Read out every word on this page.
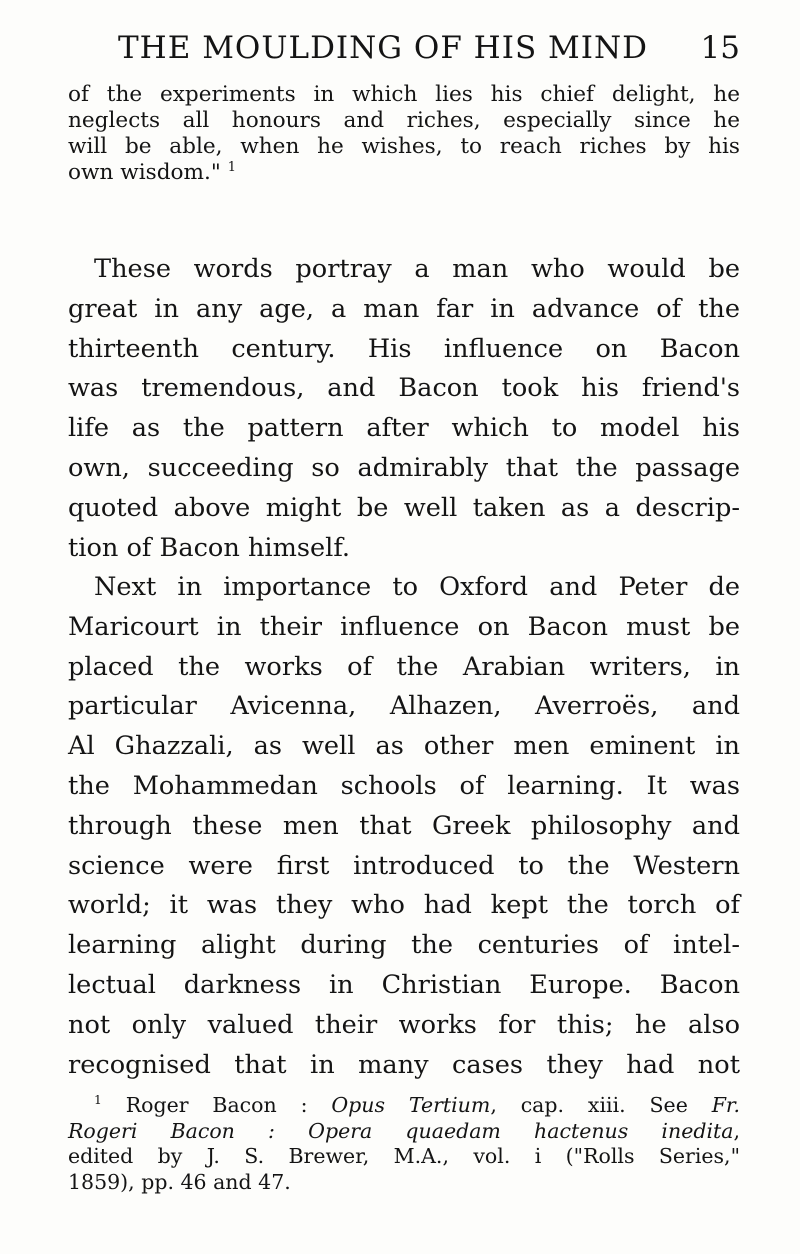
THE MOULDING OF HIS MIND 15
of the experiments in which lies his chief delight, he
neglects all honours and riches, especially since he
will be able, when he wishes, to reach riches by his
own wisdom." $^1$
These words portray a man who would be
great in any age, a man far in advance of the
thirteenth century. His influence on Bacon
was tremendous, and Bacon took his friend's
life as the pattern after which to model his
own, succeeding so admirably that the passage
quoted above might be well taken as a descrip-
tion of Bacon himself.
Next in importance to Oxford and Peter de
Maricourt in their influence on Bacon must be
placed the works of the Arabian writers, in
particular Avicenna, Alhazen, Averroës, and
Al Ghazzali, as well as other men eminent in
the Mohammedan schools of learning. It was
through these men that Greek philosophy and
science were first introduced to the Western
world; it was they who had kept the torch of
learning alight during the centuries of intel-
lectual darkness in Christian Europe. Bacon
not only valued their works for this; he also
recognised that in many cases they had not
$^1$ Roger Bacon : Opus Tertium, cap. xiii. See Fr.
Rogeri Bacon : Opera quaedam hactenus inedita,
edited by J. S. Brewer, M.A., vol. i ("Rolls Series,"
1859), pp. 46 and 47.
